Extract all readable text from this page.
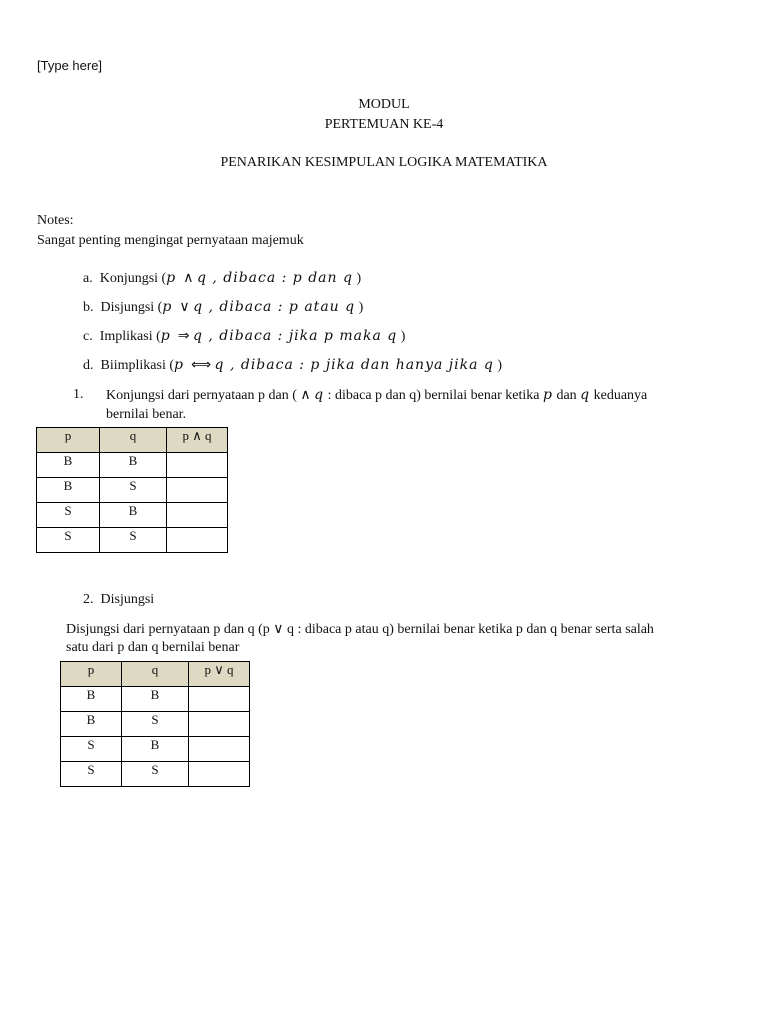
[Type here]
MODUL
PERTEMUAN KE-4
PENARIKAN KESIMPULAN LOGIKA MATEMATIKA
Notes:
Sangat penting mengingat pernyataan majemuk
a. Konjungsi (p ∧ q , dibaca : p dan q )
b. Disjungsi (p ∨ q , dibaca : p atau q )
c. Implikasi (p ⇒ q , dibaca : jika p maka q )
d. Biimplikasi (p ⟺ q , dibaca : p jika dan hanya jika q )
1. Konjungsi dari pernyataan p dan ( ∧ q : dibaca p dan q) bernilai benar ketika p dan q keduanya
bernilai benar.
p	q	p ∧ q
B	B	
B	S	
S	B	
S	S	
2. Disjungsi
Disjungsi dari pernyataan p dan q (p ∨ q : dibaca p atau q) bernilai benar ketika p dan q benar serta salah
satu dari p dan q bernilai benar
p	q	p ∨ q
B	B	
B	S	
S	B	
S	S	
